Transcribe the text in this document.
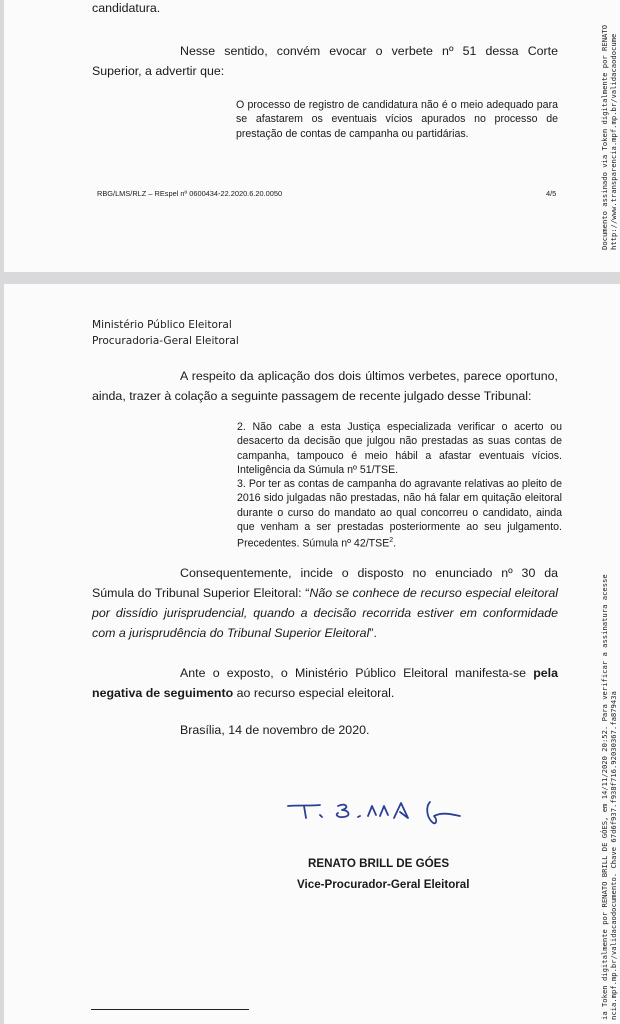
candidatura.
Nesse sentido, convém evocar o verbete nº 51 dessa Corte Superior, a advertir que:
O processo de registro de candidatura não é o meio adequado para se afastarem os eventuais vícios apurados no processo de prestação de contas de campanha ou partidárias.
RBG/LMS/RLZ – REspel nº 0600434-22.2020.6.20.0050	4/5
Documento assinado via Token digitalmente por RENATO
http://www.transparencia.mpf.mp.br/validacaodocume
Ministério Público Eleitoral
Procuradoria-Geral Eleitoral
A respeito da aplicação dos dois últimos verbetes, parece oportuno, ainda, trazer à colação a seguinte passagem de recente julgado desse Tribunal:
2. Não cabe a esta Justiça especializada verificar o acerto ou desacerto da decisão que julgou não prestadas as suas contas de campanha, tampouco é meio hábil a afastar eventuais vícios. Inteligência da Súmula nº 51/TSE.
3. Por ter as contas de campanha do agravante relativas ao pleito de 2016 sido julgadas não prestadas, não há falar em quitação eleitoral durante o curso do mandato ao qual concorreu o candidato, ainda que venham a ser prestadas posteriormente ao seu julgamento. Precedentes. Súmula nº 42/TSE$^2$.
Consequentemente, incide o disposto no enunciado nº 30 da Súmula do Tribunal Superior Eleitoral: “Não se conhece de recurso especial eleitoral por dissídio jurisprudencial, quando a decisão recorrida estiver em conformidade com a jurisprudência do Tribunal Superior Eleitoral”.
Ante o exposto, o Ministério Público Eleitoral manifesta-se pela negativa de seguimento ao recurso especial eleitoral.
Brasília, 14 de novembro de 2020.
RENATO BRILL DE GÓES
Vice-Procurador-Geral Eleitoral
ia Token digitalmente por RENATO BRILL DE GÓES, em 14/11/2020 20:52. Para verificar a assinatura acesse
ncia.mpf.mp.br/validacaodocumento. Chave 67d6f937.f938f716.92030367.fa87943a
